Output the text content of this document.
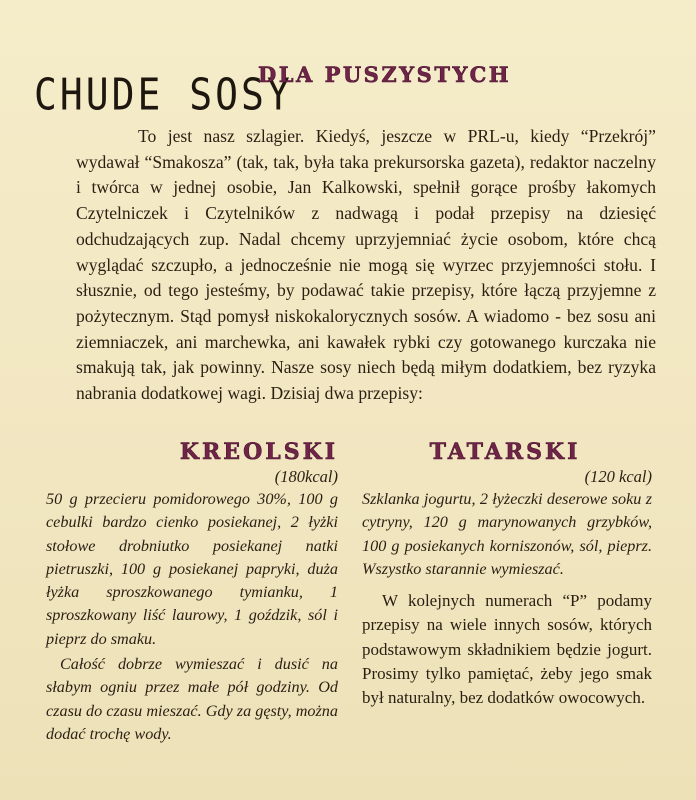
CHUDE SOSY
DLA PUSZYSTYCH

To jest nasz szlagier. Kiedyś, jeszcze w PRL-u, kiedy “Przekrój” wydawał “Smakosza” (tak, tak, była taka prekursorska gazeta), redaktor naczelny i twórca w jednej osobie, Jan Kalkowski, spełnił gorące prośby łakomych Czytelniczek i Czytelników z nadwagą i podał przepisy na dziesięć odchudzających zup. Nadal chcemy uprzyjemniać życie osobom, które chcą wyglądać szczupło, a jednocześnie nie mogą się wyrzec przyjemności stołu. I słusznie, od tego jesteśmy, by podawać takie przepisy, które łączą przyjemne z pożytecznym. Stąd pomysł niskokalorycznych sosów. A wiadomo - bez sosu ani ziemniaczek, ani marchewka, ani kawałek rybki czy gotowanego kurczaka nie smakują tak, jak powinny. Nasze sosy niech będą miłym dodatkiem, bez ryzyka nabrania dodatkowej wagi. Dzisiaj dwa przepisy:

KREOLSKI

(180kcal)

50 g przecieru pomidorowego 30%, 100 g cebulki bardzo cienko posiekanej, 2 łyżki stołowe drobniutko posiekanej natki pietruszki, 100 g posiekanej papryki, duża łyżka sproszkowanego tymianku, 1 sproszkowany liść laurowy, 1 goździk, sól i pieprz do smaku.

Całość dobrze wymieszać i dusić na słabym ogniu przez małe pół godziny. Od czasu do czasu mieszać. Gdy za gęsty, można dodać trochę wody.

TATARSKI

(120 kcal)

Szklanka jogurtu, 2 łyżeczki deserowe soku z cytryny, 120 g marynowanych grzybków, 100 g posiekanych korniszonów, sól, pieprz. Wszystko starannie wymieszać.

W kolejnych numerach “P” podamy przepisy na wiele innych sosów, których podstawowym składnikiem będzie jogurt. Prosimy tylko pamiętać, żeby jego smak był naturalny, bez dodatków owocowych.
